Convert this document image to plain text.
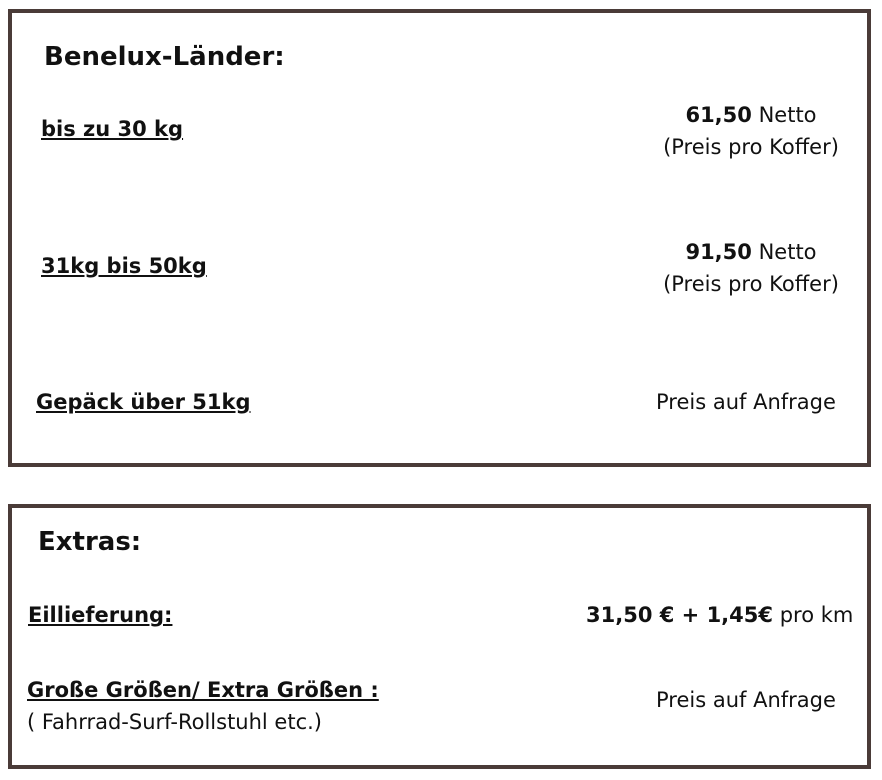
Benelux-Länder:
bis zu 30 kg
61,50 Netto
(Preis pro Koffer)
31kg bis 50kg
91,50 Netto
(Preis pro Koffer)
Gepäck über 51kg	Preis auf Anfrage
Extras:
Eillieferung:	31,50 € + 1,45€ pro km
Große Größen/ Extra Größen :
( Fahrrad-Surf-Rollstuhl etc.)
Preis auf Anfrage
